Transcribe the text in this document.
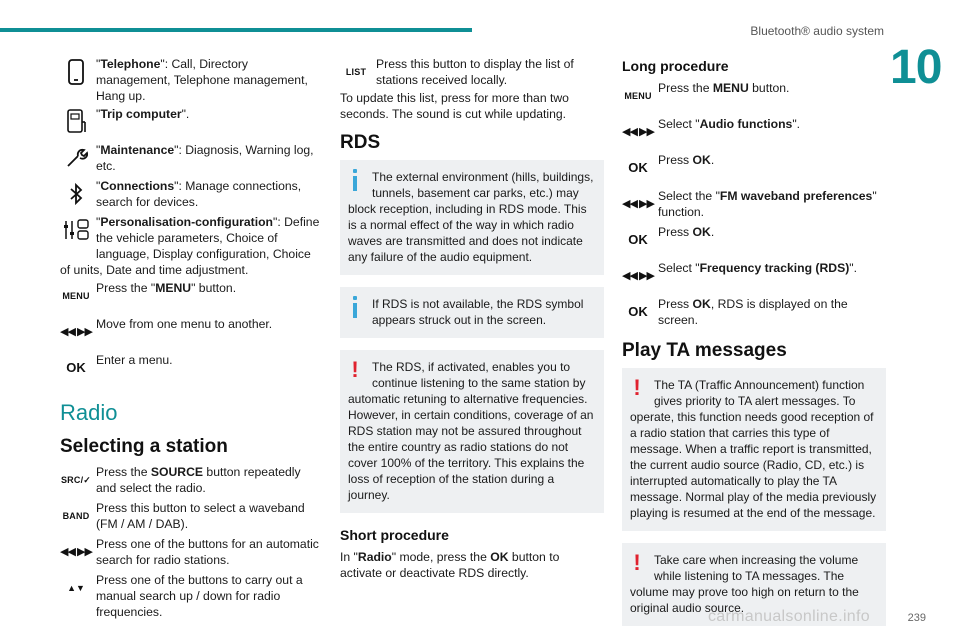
Bluetooth® audio system
10
"Telephone": Call, Directory management, Telephone management, Hang up.
"Trip computer".
"Maintenance": Diagnosis, Warning log, etc.
"Connections": Manage connections, search for devices.
"Personalisation-configuration": Define the vehicle parameters, Choice of language, Display configuration, Choice of units, Date and time adjustment.
MENU
Press the "MENU" button.
◀◀ ▶▶
Move from one menu to another.
OK Enter a menu.
Radio
Selecting a station
SRC/✓
Press the SOURCE button repeatedly and select the radio.
BAND
Press this button to select a waveband (FM / AM / DAB).
◀◀ ▶▶
Press one of the buttons for an automatic search for radio stations.
▲▼
Press one of the buttons to carry out a manual search up / down for radio frequencies.
LIST
Press this button to display the list of stations received locally.

To update this list, press for more than two seconds. The sound is cut while updating.

RDS
The external environment (hills, buildings, tunnels, basement car parks, etc.) may block reception, including in RDS mode. This is a normal effect of the way in which radio waves are transmitted and does not indicate any failure of the audio equipment.
If RDS is not available, the RDS symbol appears struck out in the screen.
! The RDS, if activated, enables you to continue listening to the same station by automatic retuning to alternative frequencies. However, in certain conditions, coverage of an RDS station may not be assured throughout the entire country as radio stations do not cover 100% of the territory. This explains the loss of reception of the station during a journey.
Short procedure

In "Radio" mode, press the OK button to activate or deactivate RDS directly.

Long procedure
MENU
Press the MENU button.
◀◀ ▶▶
Select "Audio functions".
OK Press OK.
◀◀ ▶▶
Select the "FM waveband preferences" function.
OK Press OK.
◀◀ ▶▶
Select "Frequency tracking (RDS)".
OK Press OK, RDS is displayed on the screen.
Play TA messages
! The TA (Traffic Announcement) function gives priority to TA alert messages. To operate, this function needs good reception of a radio station that carries this type of message. When a traffic report is transmitted, the current audio source (Radio, CD, etc.) is interrupted automatically to play the TA message. Normal play of the media previously playing is resumed at the end of the message.
! Take care when increasing the volume while listening to TA messages. The volume may prove too high on return to the original audio source.
239
carmanualsonline.info
